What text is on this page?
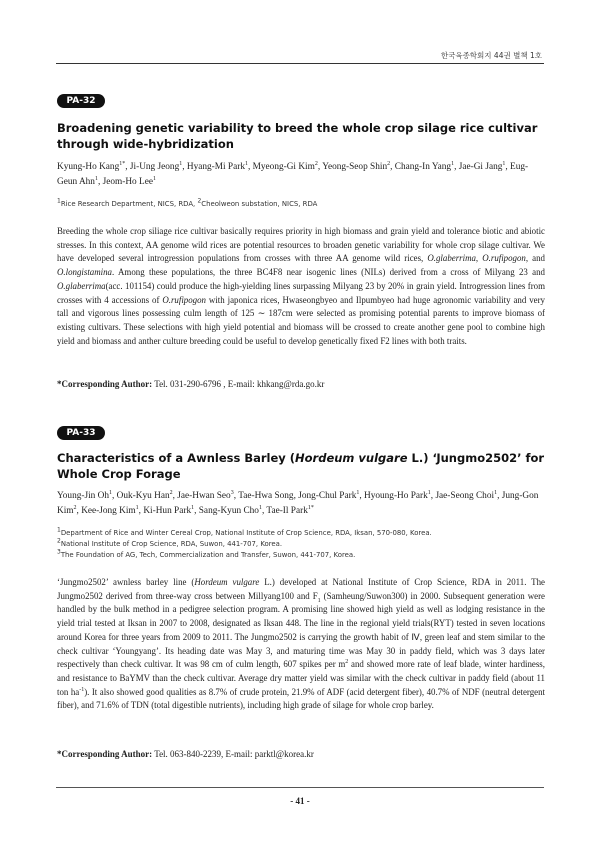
한국육종학회지 44권 별책 1호
PA-32
Broadening genetic variability to breed the whole crop silage rice cultivar through wide-hybridization
Kyung-Ho Kang$^{1*}$, Ji-Ung Jeong$^1$, Hyang-Mi Park$^1$, Myeong-Gi Kim$^2$, Yeong-Seop Shin$^2$, Chang-In Yang$^1$, Jae-Gi Jang$^1$, Eug-Geun Ahn$^1$, Jeom-Ho Lee$^1$
$^1$Rice Research Department, NICS, RDA, $^2$Cheolweon substation, NICS, RDA
Breeding the whole crop siliage rice cultivar basically requires priority in high biomass and grain yield and tolerance biotic and abiotic stresses. In this context, AA genome wild rices are potential resources to broaden genetic variability for whole crop silage cultivar. We have developed several introgression populations from crosses with three AA genome wild rices, O.glaberrima, O.rufipogon, and O.longistamina. Among these populations, the three BC4F8 near isogenic lines (NILs) derived from a cross of Milyang 23 and O.glaberrima(acc. 101154) could produce the high-yielding lines surpassing Milyang 23 by 20% in grain yield. Introgression lines from crosses with 4 accessions of O.rufipogon with japonica rices, Hwaseongbyeo and Ilpumbyeo had huge agronomic variability and very tall and vigorous lines possessing culm length of 125 ∼ 187cm were selected as promising potential parents to improve biomass of existing cultivars. These selections with high yield potential and biomass will be crossed to create another gene pool to combine high yield and biomass and anther culture breeding could be useful to develop genetically fixed F2 lines with both traits.
*Corresponding Author: Tel. 031-290-6796 , E-mail: khkang@rda.go.kr
PA-33
Characteristics of a Awnless Barley (Hordeum vulgare L.) ‘Jungmo2502’ for Whole Crop Forage
Young-Jin Oh$^1$, Ouk-Kyu Han$^2$, Jae-Hwan Seo$^3$, Tae-Hwa Song, Jong-Chul Park$^1$, Hyoung-Ho Park$^1$, Jae-Seong Choi$^1$, Jung-Gon Kim$^2$, Kee-Jong Kim$^1$, Ki-Hun Park$^1$, Sang-Kyun Cho$^1$, Tae-Il Park$^{1*}$
$^1$Department of Rice and Winter Cereal Crop, National Institute of Crop Science, RDA, Iksan, 570-080, Korea.
$^2$National Institute of Crop Science, RDA, Suwon, 441-707, Korea.
$^3$The Foundation of AG, Tech, Commercialization and Transfer, Suwon, 441-707, Korea.
‘Jungmo2502’ awnless barley line (Hordeum vulgare L.) developed at National Institute of Crop Science, RDA in 2011. The Jungmo2502 derived from three-way cross between Millyang100 and $F_1$ (Samheung/Suwon300) in 2000. Subsequent generation were handled by the bulk method in a pedigree selection program. A promising line showed high yield as well as lodging resistance in the yield trial tested at Iksan in 2007 to 2008, designated as Iksan 448. The line in the regional yield trials(RYT) tested in seven locations around Korea for three years from 2009 to 2011. The Jungmo2502 is carrying the growth habit of Ⅳ, green leaf and stem similar to the check cultivar ‘Youngyang’. Its heading date was May 3, and maturing time was May 30 in paddy field, which was 3 days later respectively than check cultivar. It was 98 cm of culm length, 607 spikes per $m^2$ and showed more rate of leaf blade, winter hardiness, and resistance to BaYMV than the check cultivar. Average dry matter yield was similar with the check cultivar in paddy field (about 11 ton $ha^{-1}$). It also showed good qualities as 8.7% of crude protein, 21.9% of ADF (acid detergent fiber), 40.7% of NDF (neutral detergent fiber), and 71.6% of TDN (total digestible nutrients), including high grade of silage for whole crop barley.
*Corresponding Author: Tel. 063-840-2239, E-mail: parktl@korea.kr
- 41 -
